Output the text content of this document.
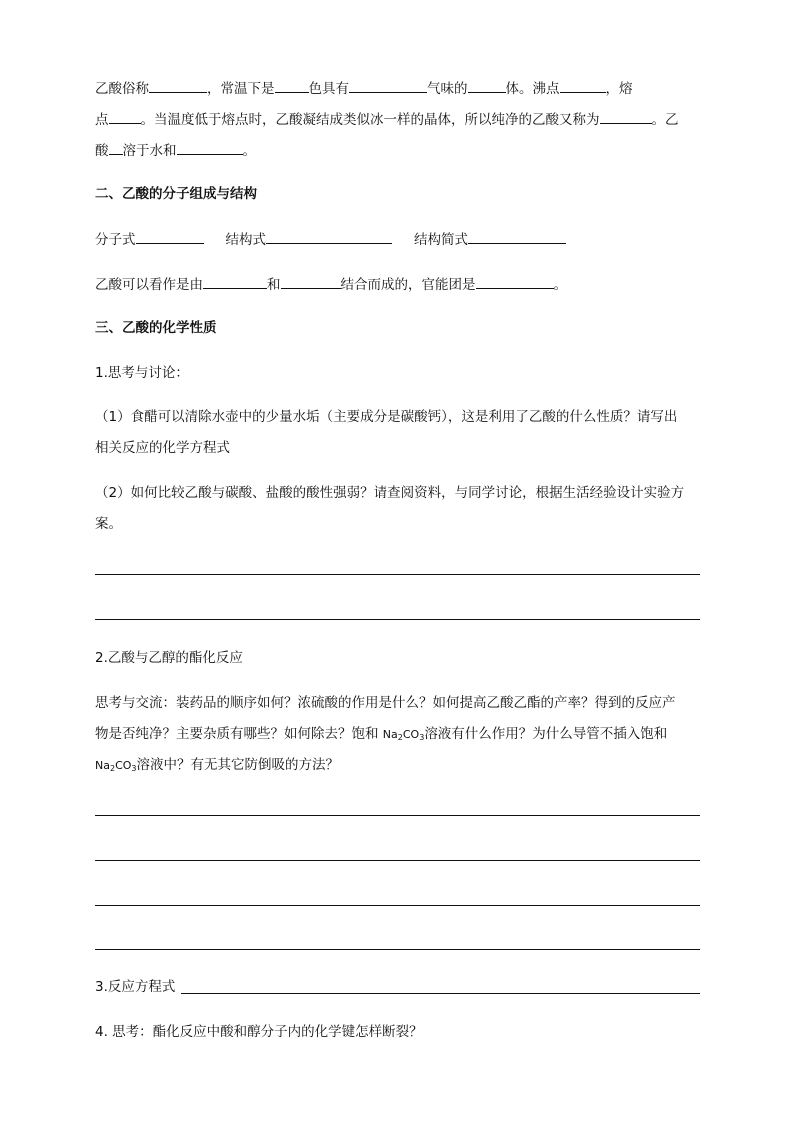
乙酸俗称	，常温下是	色具有	气味的	体。沸点	，熔
点 。当温度低于熔点时，乙酸凝结成类似冰一样的晶体，所以纯净的乙酸又称为	。乙
酸 溶于水和	。
二、乙酸的分子组成与结构
分子式	结构式	结构简式
乙酸可以看作是由	和	结合而成的，官能团是	。
三、乙酸的化学性质
1.思考与讨论：
（1）食醋可以清除水壶中的少量水垢（主要成分是碳酸钙），这是利用了乙酸的什么性质？请写出
相关反应的化学方程式
（2）如何比较乙酸与碳酸、盐酸的酸性强弱？请查阅资料，与同学讨论，根据生活经验设计实验方
案。
2.乙酸与乙醇的酯化反应
思考与交流：装药品的顺序如何？浓硫酸的作用是什么？如何提高乙酸乙酯的产率？得到的反应产
物是否纯净？主要杂质有哪些？如何除去？饱和 $Na_2CO_3$溶液有什么作用？为什么导管不插入饱和
$Na_2CO_3$溶液中？有无其它防倒吸的方法？
3.反应方程式
4. 思考：酯化反应中酸和醇分子内的化学键怎样断裂？
